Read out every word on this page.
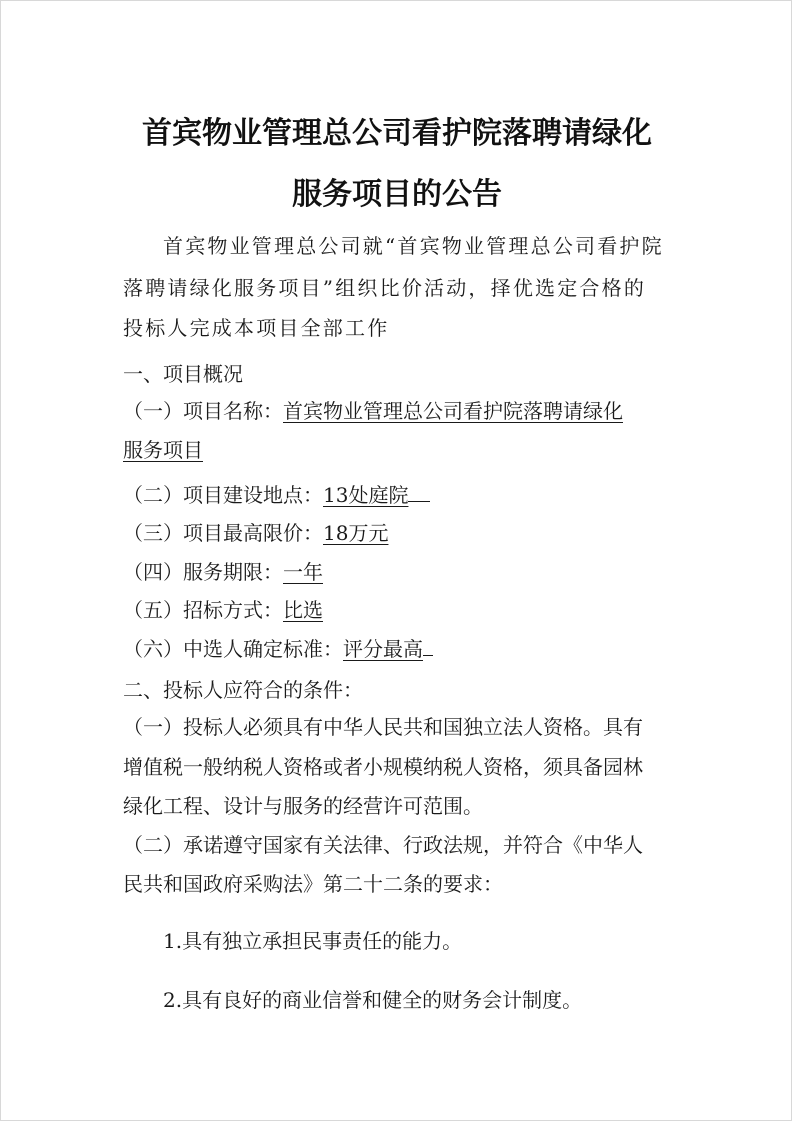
首宾物业管理总公司看护院落聘请绿化
服务项目的公告
首宾物业管理总公司就“首宾物业管理总公司看护院
落聘请绿化服务项目”组织比价活动，择优选定合格的
投标人完成本项目全部工作
一、项目概况
（一）项目名称：首宾物业管理总公司看护院落聘请绿化
服务项目
（二）项目建设地点：13处庭院
（三）项目最高限价：18万元
（四）服务期限：一年
（五）招标方式：比选
（六）中选人确定标准：评分最高
二、投标人应符合的条件：
（一）投标人必须具有中华人民共和国独立法人资格。具有
增值税一般纳税人资格或者小规模纳税人资格，须具备园林
绿化工程、设计与服务的经营许可范围。
（二）承诺遵守国家有关法律、行政法规，并符合《中华人
民共和国政府采购法》第二十二条的要求：
1.具有独立承担民事责任的能力。
2.具有良好的商业信誉和健全的财务会计制度。
